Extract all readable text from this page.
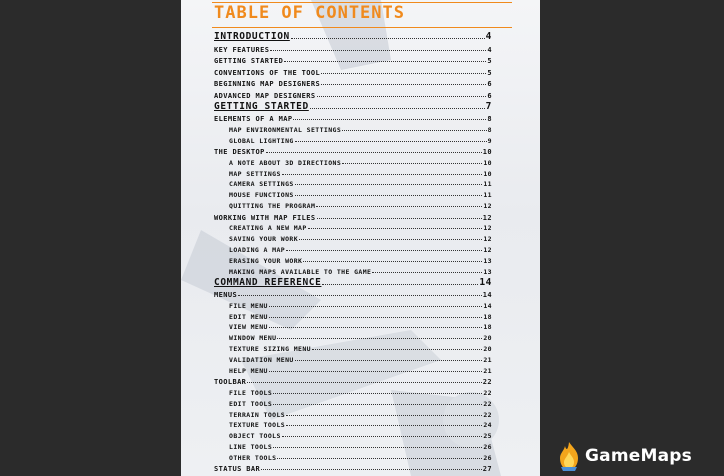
TABLE OF CONTENTS
INTRODUCTION	4
KEY FEATURES	4
GETTING STARTED	5
CONVENTIONS OF THE TOOL	5
BEGINNING MAP DESIGNERS	6
ADVANCED MAP DESIGNERS	6
GETTING STARTED	7
ELEMENTS OF A MAP	8
MAP ENVIRONMENTAL SETTINGS	8
GLOBAL LIGHTING	9
THE DESKTOP	10
A NOTE ABOUT 3D DIRECTIONS	10
MAP SETTINGS	10
CAMERA SETTINGS	11
MOUSE FUNCTIONS	11
QUITTING THE PROGRAM	12
WORKING WITH MAP FILES	12
CREATING A NEW MAP	12
SAVING YOUR WORK	12
LOADING A MAP	12
ERASING YOUR WORK	13
MAKING MAPS AVAILABLE TO THE GAME	13
COMMAND REFERENCE	14
MENUS	14
FILE MENU	14
EDIT MENU	18
VIEW MENU	18
WINDOW MENU	20
TEXTURE SIZING MENU	20
VALIDATION MENU	21
HELP MENU	21
TOOLBAR	22
FILE TOOLS	22
EDIT TOOLS	22
TERRAIN TOOLS	22
TEXTURE TOOLS	24
OBJECT TOOLS	25
LINE TOOLS	26
OTHER TOOLS	26
STATUS BAR	27
GameMaps
